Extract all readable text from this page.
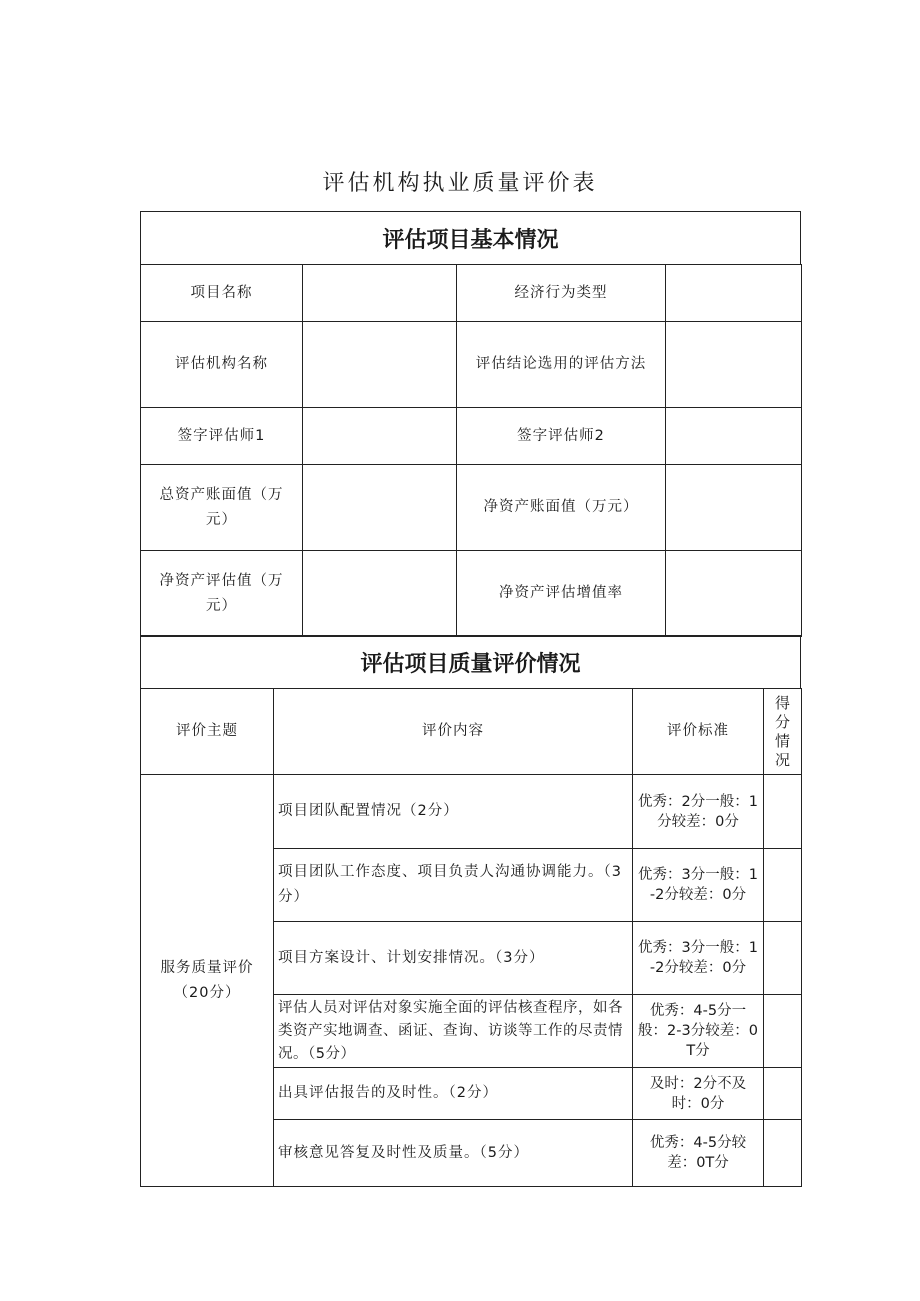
评估机构执业质量评价表
评估项目基本情况
项目名称		经济行为类型	
评估机构名称		评估结论选用的评估方法	
签字评估师1		签字评估师2	
总资产账面值（万元）		净资产账面值（万元）	
净资产评估值（万元）		净资产评估增值率	
评估项目质量评价情况
评价主题	评价内容	评价标准	得分情况
服务质量评价（20分）	项目团队配置情况（2分）	优秀：2分一般：1分较差：0分	
	项目团队工作态度、项目负责人沟通协调能力。（3分）	优秀：3分一般：1-2分较差：0分	
	项目方案设计、计划安排情况。（3分）	优秀：3分一般：1-2分较差：0分	
	评估人员对评估对象实施全面的评估核查程序，如各类资产实地调查、函证、查询、访谈等工作的尽责情况。（5分）	优秀：4-5分一般：2-3分较差：0T分	
	出具评估报告的及时性。（2分）	及时：2分不及时：0分	
	审核意见答复及时性及质量。（5分）	优秀：4-5分较差：0T分	
